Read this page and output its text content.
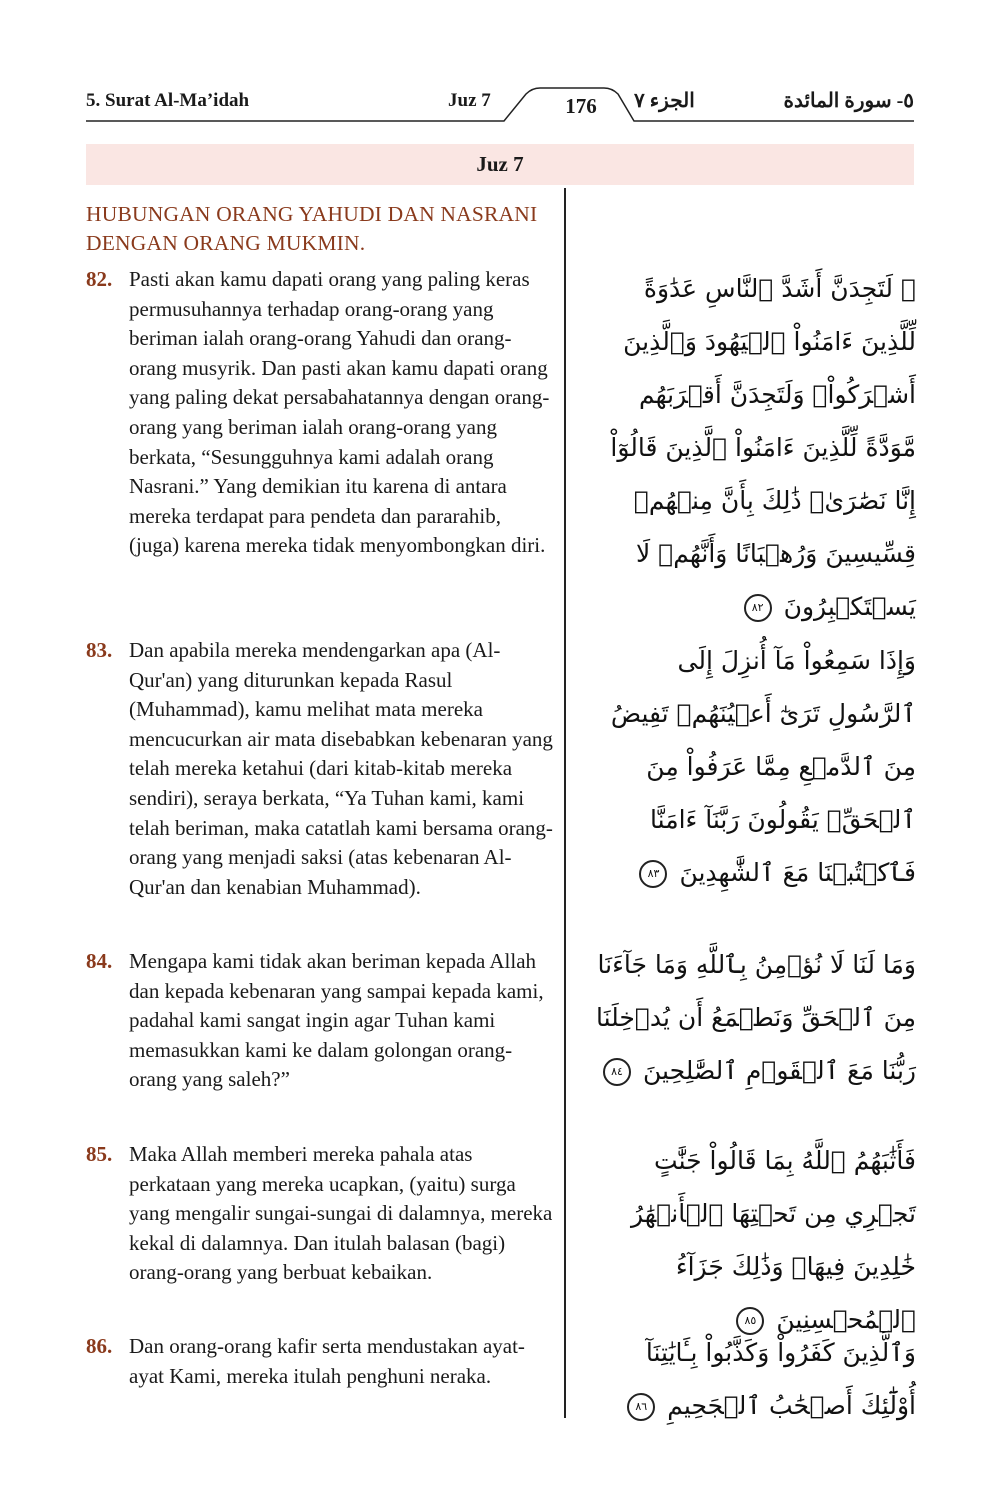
5. Surat Al-Ma’idah	Juz 7	176	الجزء ٧	٥- سورة المائدة
Juz 7
HUBUNGAN ORANG YAHUDI DAN NASRANI DENGAN ORANG MUKMIN.
82. Pasti akan kamu dapati orang yang paling keras permusuhannya terhadap orang-orang yang beriman ialah orang-orang Yahudi dan orang-orang musyrik. Dan pasti akan kamu dapati orang yang paling dekat persabahatannya dengan orang-orang yang beriman ialah orang-orang yang berkata, “Sesungguhnya kami adalah orang Nasrani.” Yang demikian itu karena di antara mereka terdapat para pendeta dan pararahib, (juga) karena mereka tidak menyombongkan diri.
۞ لَتَجِدَنَّ أَشَدَّ ٱلنَّاسِ عَدَٰوَةً لِّلَّذِينَ ءَامَنُواْ ٱلۡيَهُودَ وَٱلَّذِينَ أَشۡرَكُواْۖ وَلَتَجِدَنَّ أَقۡرَبَهُم مَّوَدَّةً لِّلَّذِينَ ءَامَنُواْ ٱلَّذِينَ قَالُوٓاْ إِنَّا نَصَٰرَىٰۚ ذَٰلِكَ بِأَنَّ مِنۡهُمۡ قِسِّيسِينَ وَرُهۡبَانًا وَأَنَّهُمۡ لَا يَسۡتَكۡبِرُونَ ٨٢
83. Dan apabila mereka mendengarkan apa (Al-Qur'an) yang diturunkan kepada Rasul (Muhammad), kamu melihat mata mereka mencucurkan air mata disebabkan kebenaran yang telah mereka ketahui (dari kitab-kitab mereka sendiri), seraya berkata, “Ya Tuhan kami, kami telah beriman, maka catatlah kami bersama orang-orang yang menjadi saksi (atas kebenaran Al-Qur'an dan kenabian Muhammad).
وَإِذَا سَمِعُواْ مَآ أُنزِلَ إِلَى ٱلرَّسُولِ تَرَىٰٓ أَعۡيُنَهُمۡ تَفِيضُ مِنَ ٱلدَّمۡعِ مِمَّا عَرَفُواْ مِنَ ٱلۡحَقِّۖ يَقُولُونَ رَبَّنَآ ءَامَنَّا فَٱكۡتُبۡنَا مَعَ ٱلشَّٰهِدِينَ ٨٣
84. Mengapa kami tidak akan beriman kepada Allah dan kepada kebenaran yang sampai kepada kami, padahal kami sangat ingin agar Tuhan kami memasukkan kami ke dalam golongan orang-orang yang saleh?”
وَمَا لَنَا لَا نُؤۡمِنُ بِٱللَّهِ وَمَا جَآءَنَا مِنَ ٱلۡحَقِّ وَنَطۡمَعُ أَن يُدۡخِلَنَا رَبُّنَا مَعَ ٱلۡقَوۡمِ ٱلصَّٰلِحِينَ ٨٤
85. Maka Allah memberi mereka pahala atas perkataan yang mereka ucapkan, (yaitu) surga yang mengalir sungai-sungai di dalamnya, mereka kekal di dalamnya. Dan itulah balasan (bagi) orang-orang yang berbuat kebaikan.
فَأَثَٰبَهُمُ ٱللَّهُ بِمَا قَالُواْ جَنَّٰتٍ تَجۡرِي مِن تَحۡتِهَا ٱلۡأَنۡهَٰرُ خَٰلِدِينَ فِيهَاۚ وَذَٰلِكَ جَزَآءُ ٱلۡمُحۡسِنِينَ ٨٥
86. Dan orang-orang kafir serta mendustakan ayat-ayat Kami, mereka itulah penghuni neraka.
وَٱلَّذِينَ كَفَرُواْ وَكَذَّبُواْ بِـَٔايَٰتِنَآ أُوْلَٰٓئِكَ أَصۡحَٰبُ ٱلۡجَحِيمِ ٨٦
